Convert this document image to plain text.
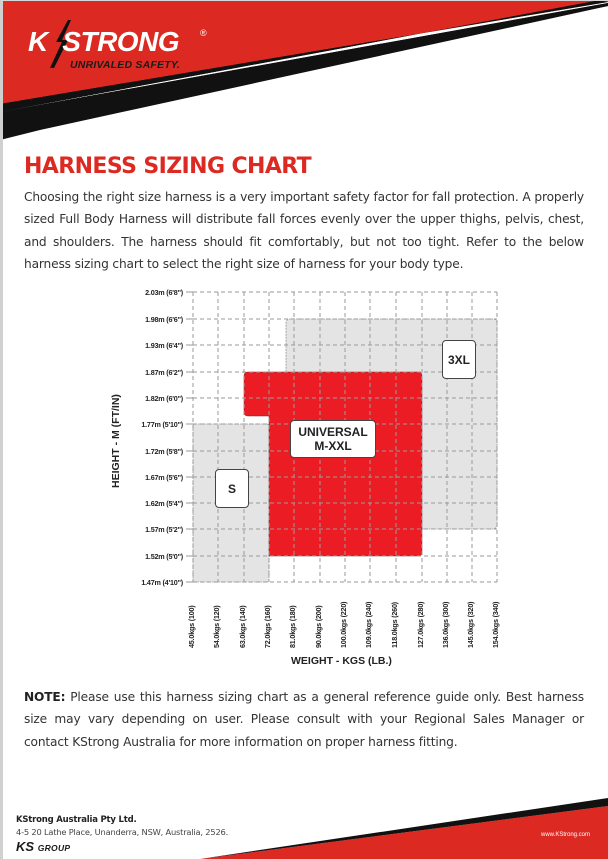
K STRONG ®
UNRIVALED SAFETY.
HARNESS SIZING CHART
Choosing the right size harness is a very important safety factor for fall protection. A properly sized Full Body Harness will distribute fall forces evenly over the upper thighs, pelvis, chest, and shoulders. The harness should fit comfortably, but not too tight. Refer to the below harness sizing chart to select the right size of harness for your body type.
2.03m (6'8")
1.98m (6'6")
1.93m (6'4")
1.87m (6'2")
1.82m (6'0")
1.77m (5'10")
1.72m (5'8")
1.67m (5'6")
1.62m (5'4")
1.57m (5'2")
1.52m (5'0")
1.47m (4'10")
45.0kgs (100) 54.0kgs (120) 63.0kgs (140) 72.0kgs (160) 81.0kgs (180) 90.0kgs (200) 100.0kgs (220) 109.0kgs (240) 118.0kgs (260) 127.0kgs (280) 136.0kgs (300) 145.0kgs (320) 154.0kgs (340)
HEIGHT - M (FT/IN)
WEIGHT - KGS (LB.)
S
UNIVERSAL
M-XXL
3XL
NOTE: Please use this harness sizing chart as a general reference guide only. Best harness size may vary depending on user. Please consult with your Regional Sales Manager or contact KStrong Australia for more information on proper harness fitting.
KStrong Australia Pty Ltd.
4-5 20 Lathe Place, Unanderra, NSW, Australia, 2526.
KS GROUP
www.KStrong.com
